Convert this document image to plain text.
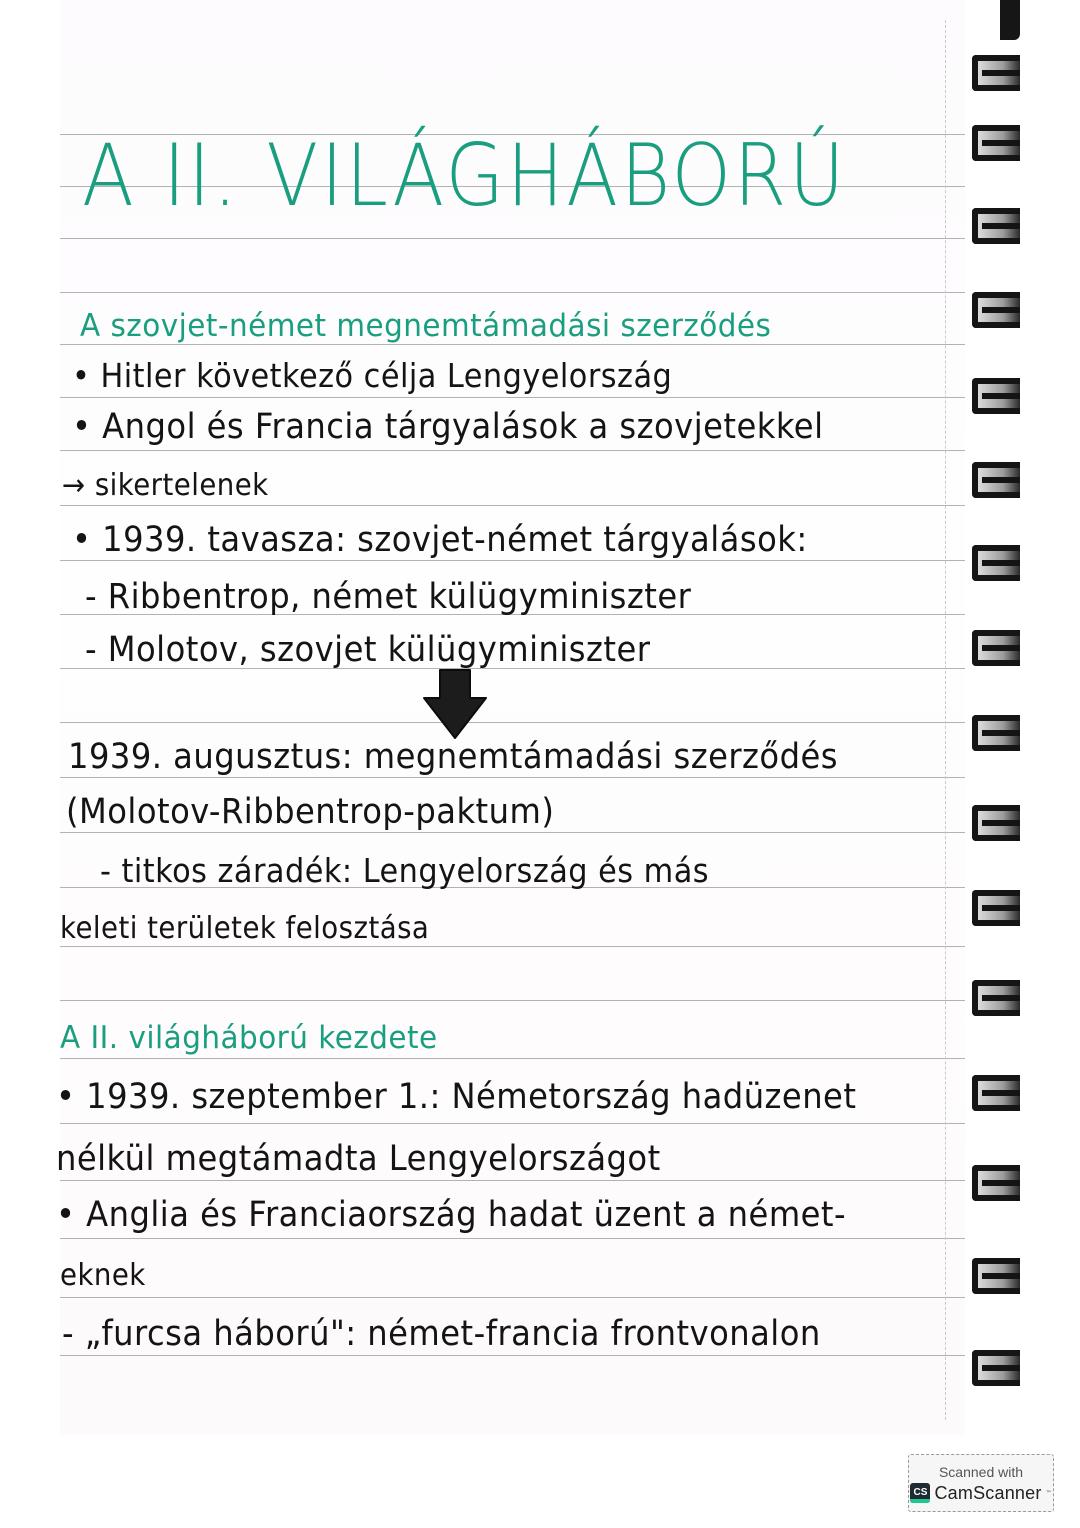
A II. VILÁGHÁBORÚ
A szovjet-német megnemtámadási szerződés
• Hitler következő célja Lengyelország
• Angol és Francia tárgyalások a szovjetekkel
→ sikertelenek
• 1939. tavasza: szovjet-német tárgyalások:
- Ribbentrop, német külügyminiszter
- Molotov, szovjet külügyminiszter
1939. augusztus: megnemtámadási szerződés
(Molotov-Ribbentrop-paktum)
- titkos záradék: Lengyelország és más
keleti területek felosztása
A II. világháború kezdete
• 1939. szeptember 1.: Németország hadüzenet
nélkül megtámadta Lengyelországot
• Anglia és Franciaország hadat üzent a német-
eknek
- „furcsa háború": német-francia frontvonalon
Scanned with
CS CamScanner ™
